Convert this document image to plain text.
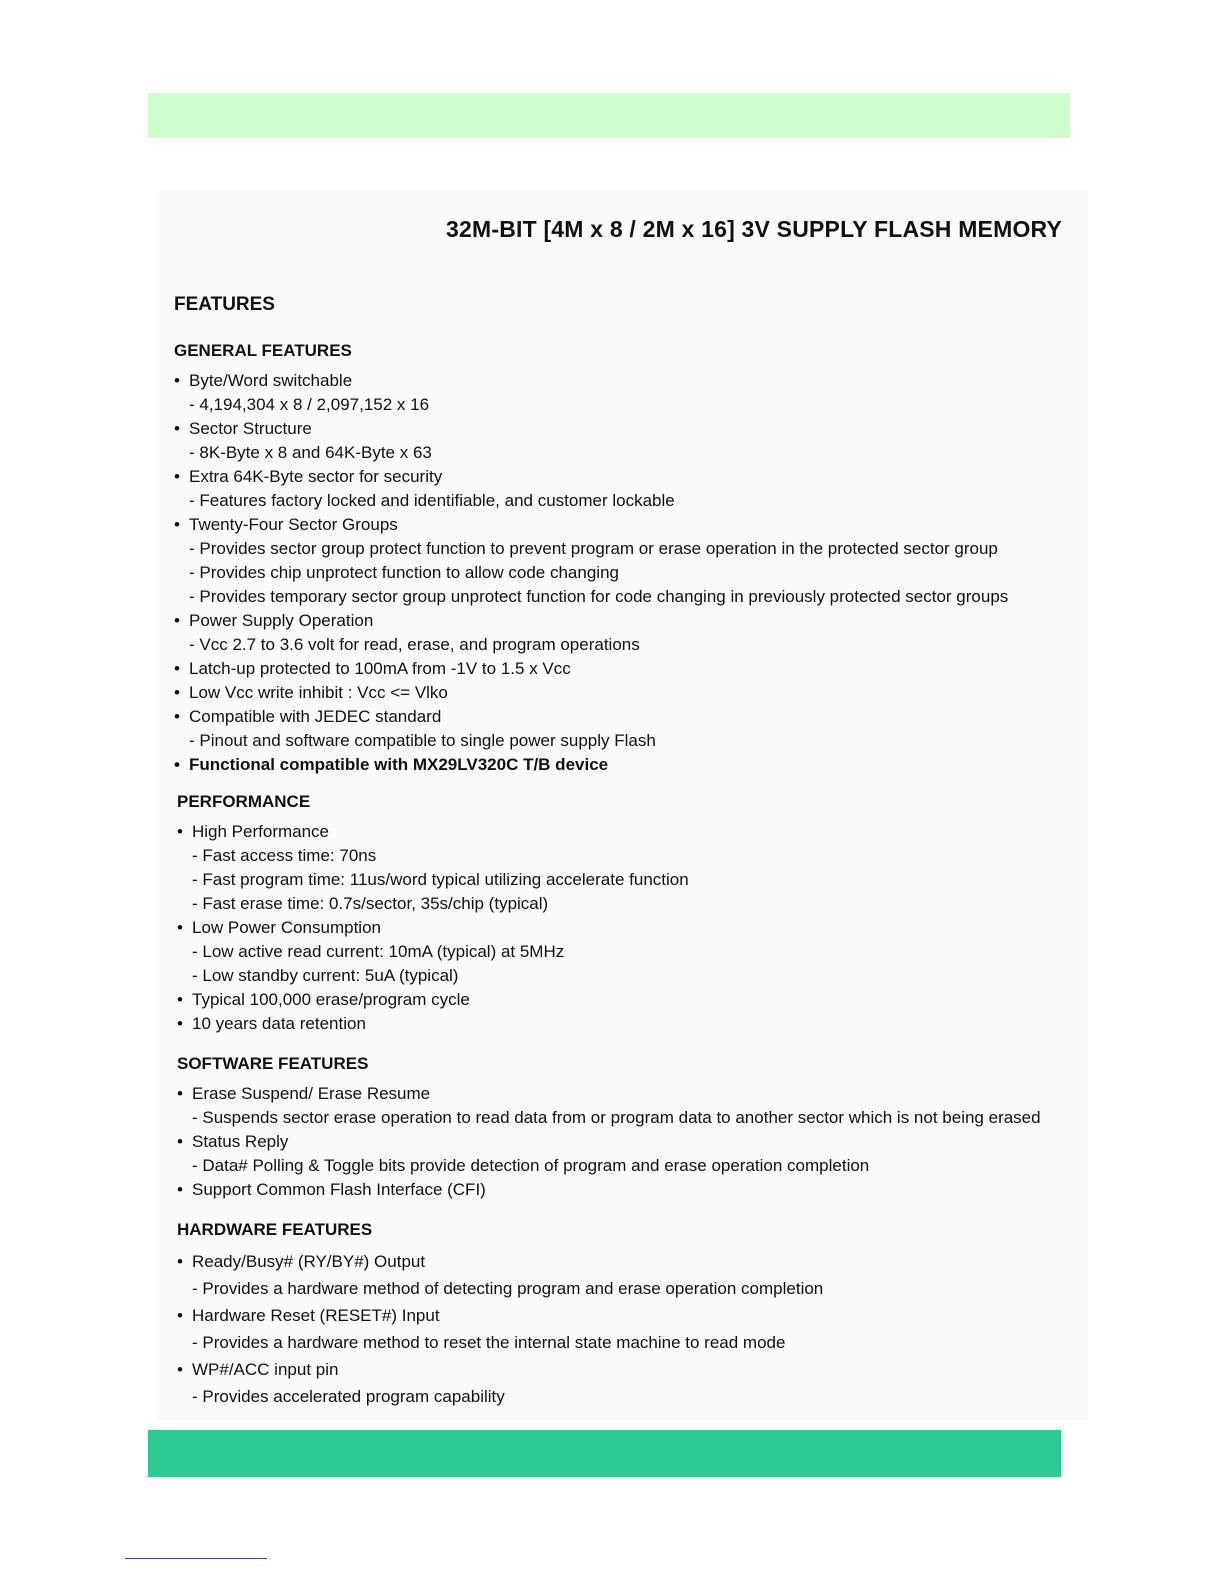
32M-BIT [4M x 8 / 2M x 16] 3V SUPPLY FLASH MEMORY
FEATURES
GENERAL FEATURES
• Byte/Word switchable
- 4,194,304 x 8 / 2,097,152 x 16
• Sector Structure
- 8K-Byte x 8 and 64K-Byte x 63
• Extra 64K-Byte sector for security
- Features factory locked and identifiable, and customer lockable
• Twenty-Four Sector Groups
- Provides sector group protect function to prevent program or erase operation in the protected sector group
- Provides chip unprotect function to allow code changing
- Provides temporary sector group unprotect function for code changing in previously protected sector groups
• Power Supply Operation
- Vcc 2.7 to 3.6 volt for read, erase, and program operations
• Latch-up protected to 100mA from -1V to 1.5 x Vcc
• Low Vcc write inhibit : Vcc <= Vlko
• Compatible with JEDEC standard
- Pinout and software compatible to single power supply Flash
• Functional compatible with MX29LV320C T/B device
PERFORMANCE
• High Performance
- Fast access time: 70ns
- Fast program time: 11us/word typical utilizing accelerate function
- Fast erase time: 0.7s/sector, 35s/chip (typical)
• Low Power Consumption
- Low active read current: 10mA (typical) at 5MHz
- Low standby current: 5uA (typical)
• Typical 100,000 erase/program cycle
• 10 years data retention
SOFTWARE FEATURES
• Erase Suspend/ Erase Resume
- Suspends sector erase operation to read data from or program data to another sector which is not being erased
• Status Reply
- Data# Polling & Toggle bits provide detection of program and erase operation completion
• Support Common Flash Interface (CFI)
HARDWARE FEATURES
• Ready/Busy# (RY/BY#) Output
- Provides a hardware method of detecting program and erase operation completion
• Hardware Reset (RESET#) Input
- Provides a hardware method to reset the internal state machine to read mode
• WP#/ACC input pin
- Provides accelerated program capability
